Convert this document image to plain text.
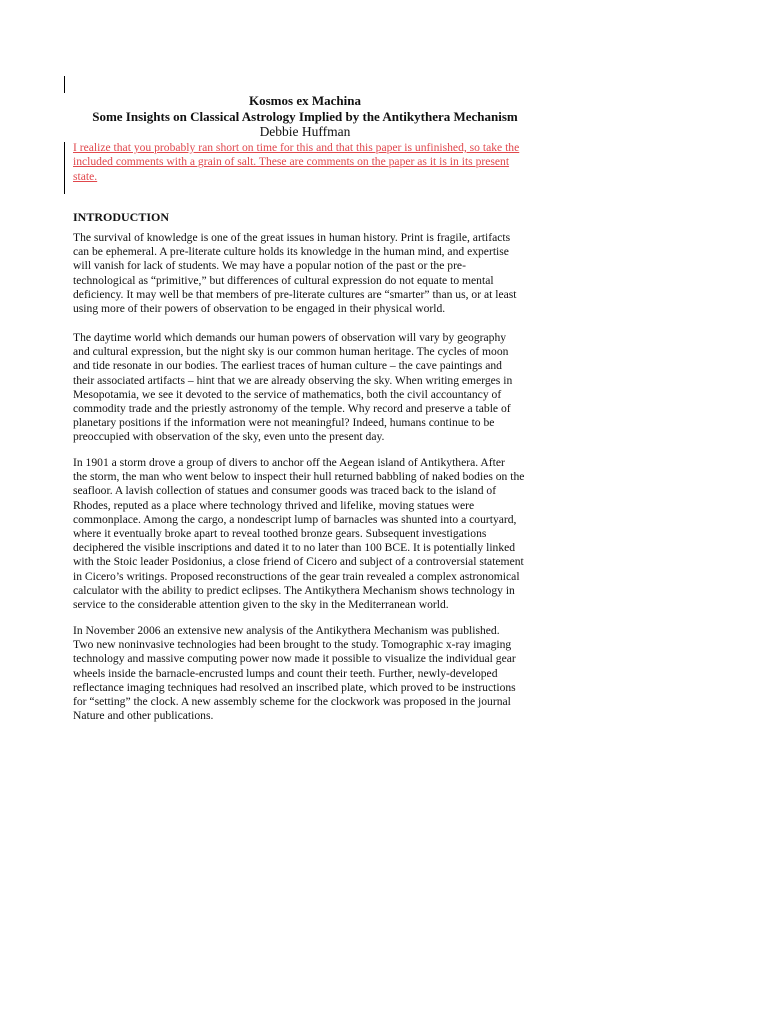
Kosmos ex Machina
Some Insights on Classical Astrology Implied by the Antikythera Mechanism
Debbie Huffman
I realize that you probably ran short on time for this and that this paper is unfinished, so take the
included comments with a grain of salt. These are comments on the paper as it is in its present
state.
INTRODUCTION
The survival of knowledge is one of the great issues in human history. Print is fragile, artifacts
can be ephemeral. A pre-literate culture holds its knowledge in the human mind, and expertise
will vanish for lack of students. We may have a popular notion of the past or the pre-
technological as “primitive,” but differences of cultural expression do not equate to mental
deficiency. It may well be that members of pre-literate cultures are “smarter” than us, or at least
using more of their powers of observation to be engaged in their physical world.
The daytime world which demands our human powers of observation will vary by geography
and cultural expression, but the night sky is our common human heritage. The cycles of moon
and tide resonate in our bodies. The earliest traces of human culture – the cave paintings and
their associated artifacts – hint that we are already observing the sky. When writing emerges in
Mesopotamia, we see it devoted to the service of mathematics, both the civil accountancy of
commodity trade and the priestly astronomy of the temple. Why record and preserve a table of
planetary positions if the information were not meaningful? Indeed, humans continue to be
preoccupied with observation of the sky, even unto the present day.
In 1901 a storm drove a group of divers to anchor off the Aegean island of Antikythera. After
the storm, the man who went below to inspect their hull returned babbling of naked bodies on the
seafloor. A lavish collection of statues and consumer goods was traced back to the island of
Rhodes, reputed as a place where technology thrived and lifelike, moving statues were
commonplace. Among the cargo, a nondescript lump of barnacles was shunted into a courtyard,
where it eventually broke apart to reveal toothed bronze gears. Subsequent investigations
deciphered the visible inscriptions and dated it to no later than 100 BCE. It is potentially linked
with the Stoic leader Posidonius, a close friend of Cicero and subject of a controversial statement
in Cicero’s writings. Proposed reconstructions of the gear train revealed a complex astronomical
calculator with the ability to predict eclipses. The Antikythera Mechanism shows technology in
service to the considerable attention given to the sky in the Mediterranean world.
In November 2006 an extensive new analysis of the Antikythera Mechanism was published.
Two new noninvasive technologies had been brought to the study. Tomographic x-ray imaging
technology and massive computing power now made it possible to visualize the individual gear
wheels inside the barnacle-encrusted lumps and count their teeth. Further, newly-developed
reflectance imaging techniques had resolved an inscribed plate, which proved to be instructions
for “setting” the clock. A new assembly scheme for the clockwork was proposed in the journal
Nature and other publications.
